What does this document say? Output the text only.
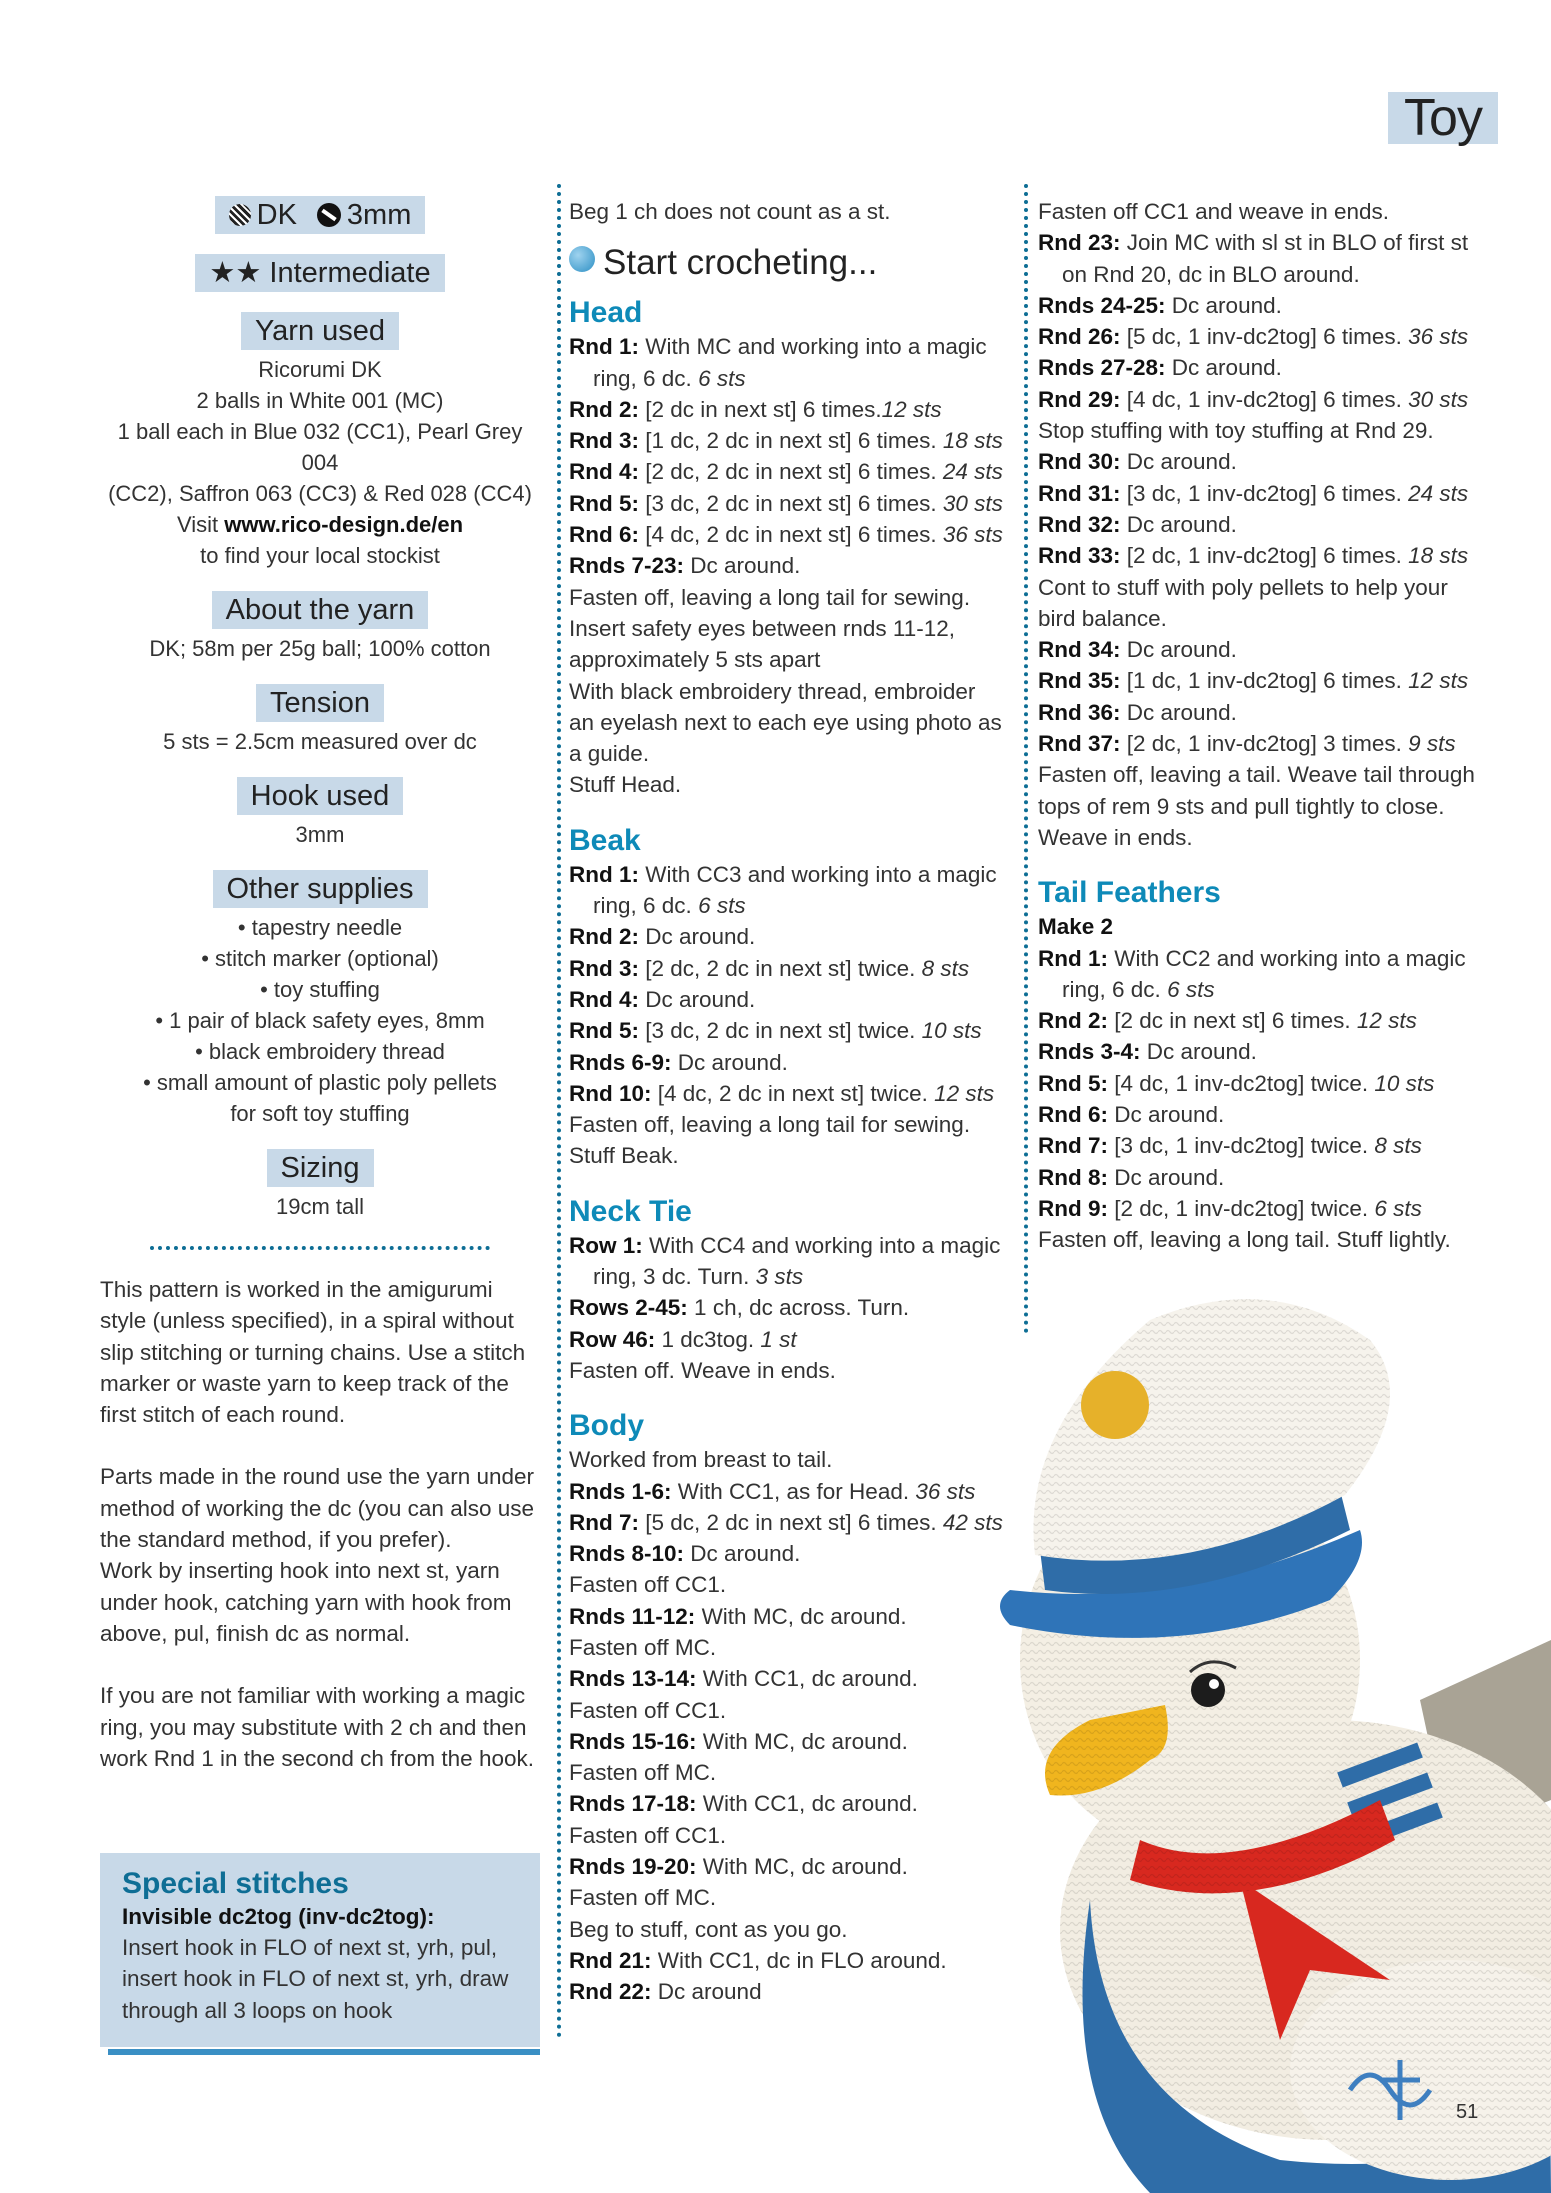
Toy
DK 3mm
★★ Intermediate
Yarn used
Ricorumi DK
2 balls in White 001 (MC)
1 ball each in Blue 032 (CC1), Pearl Grey 004
(CC2), Saffron 063 (CC3) & Red 028 (CC4)
Visit www.rico-design.de/en
to find your local stockist
About the yarn
DK; 58m per 25g ball; 100% cotton
Tension
5 sts = 2.5cm measured over dc
Hook used
3mm
Other supplies
• tapestry needle
• stitch marker (optional)
• toy stuffing
• 1 pair of black safety eyes, 8mm
• black embroidery thread
• small amount of plastic poly pellets
for soft toy stuffing
Sizing
19cm tall

This pattern is worked in the amigurumi
style (unless specified), in a spiral without
slip stitching or turning chains. Use a stitch
marker or waste yarn to keep track of the
first stitch of each round.

Parts made in the round use the yarn under
method of working the dc (you can also use
the standard method, if you prefer).
Work by inserting hook into next st, yarn
under hook, catching yarn with hook from
above, pul, finish dc as normal.

If you are not familiar with working a magic
ring, you may substitute with 2 ch and then
work Rnd 1 in the second ch from the hook.

Special stitches
Invisible dc2tog (inv-dc2tog):
Insert hook in FLO of next st, yrh, pul,
insert hook in FLO of next st, yrh, draw
through all 3 loops on hook
Beg 1 ch does not count as a st.
Start crocheting...
Head
Rnd 1: With MC and working into a magic
ring, 6 dc. 6 sts
Rnd 2: [2 dc in next st] 6 times.12 sts
Rnd 3: [1 dc, 2 dc in next st] 6 times. 18 sts
Rnd 4: [2 dc, 2 dc in next st] 6 times. 24 sts
Rnd 5: [3 dc, 2 dc in next st] 6 times. 30 sts
Rnd 6: [4 dc, 2 dc in next st] 6 times. 36 sts
Rnds 7-23: Dc around.
Fasten off, leaving a long tail for sewing.
Insert safety eyes between rnds 11-12,
approximately 5 sts apart
With black embroidery thread, embroider
an eyelash next to each eye using photo as
a guide.
Stuff Head.
Beak
Rnd 1: With CC3 and working into a magic
ring, 6 dc. 6 sts
Rnd 2: Dc around.
Rnd 3: [2 dc, 2 dc in next st] twice. 8 sts
Rnd 4: Dc around.
Rnd 5: [3 dc, 2 dc in next st] twice. 10 sts
Rnds 6-9: Dc around.
Rnd 10: [4 dc, 2 dc in next st] twice. 12 sts
Fasten off, leaving a long tail for sewing.
Stuff Beak.
Neck Tie
Row 1: With CC4 and working into a magic
ring, 3 dc. Turn. 3 sts
Rows 2-45: 1 ch, dc across. Turn.
Row 46: 1 dc3tog. 1 st
Fasten off. Weave in ends.
Body
Worked from breast to tail.
Rnds 1-6: With CC1, as for Head. 36 sts
Rnd 7: [5 dc, 2 dc in next st] 6 times. 42 sts
Rnds 8-10: Dc around.
Fasten off CC1.
Rnds 11-12: With MC, dc around.
Fasten off MC.
Rnds 13-14: With CC1, dc around.
Fasten off CC1.
Rnds 15-16: With MC, dc around.
Fasten off MC.
Rnds 17-18: With CC1, dc around.
Fasten off CC1.
Rnds 19-20: With MC, dc around.
Fasten off MC.
Beg to stuff, cont as you go.
Rnd 21: With CC1, dc in FLO around.
Rnd 22: Dc around
Fasten off CC1 and weave in ends.
Rnd 23: Join MC with sl st in BLO of first st
on Rnd 20, dc in BLO around.
Rnds 24-25: Dc around.
Rnd 26: [5 dc, 1 inv-dc2tog] 6 times. 36 sts
Rnds 27-28: Dc around.
Rnd 29: [4 dc, 1 inv-dc2tog] 6 times. 30 sts
Stop stuffing with toy stuffing at Rnd 29.
Rnd 30: Dc around.
Rnd 31: [3 dc, 1 inv-dc2tog] 6 times. 24 sts
Rnd 32: Dc around.
Rnd 33: [2 dc, 1 inv-dc2tog] 6 times. 18 sts
Cont to stuff with poly pellets to help your
bird balance.
Rnd 34: Dc around.
Rnd 35: [1 dc, 1 inv-dc2tog] 6 times. 12 sts
Rnd 36: Dc around.
Rnd 37: [2 dc, 1 inv-dc2tog] 3 times. 9 sts
Fasten off, leaving a tail. Weave tail through
tops of rem 9 sts and pull tightly to close.
Weave in ends.
Tail Feathers
Make 2
Rnd 1: With CC2 and working into a magic
ring, 6 dc. 6 sts
Rnd 2: [2 dc in next st] 6 times. 12 sts
Rnds 3-4: Dc around.
Rnd 5: [4 dc, 1 inv-dc2tog] twice. 10 sts
Rnd 6: Dc around.
Rnd 7: [3 dc, 1 inv-dc2tog] twice. 8 sts
Rnd 8: Dc around.
Rnd 9: [2 dc, 1 inv-dc2tog] twice. 6 sts
Fasten off, leaving a long tail. Stuff lightly.
51
